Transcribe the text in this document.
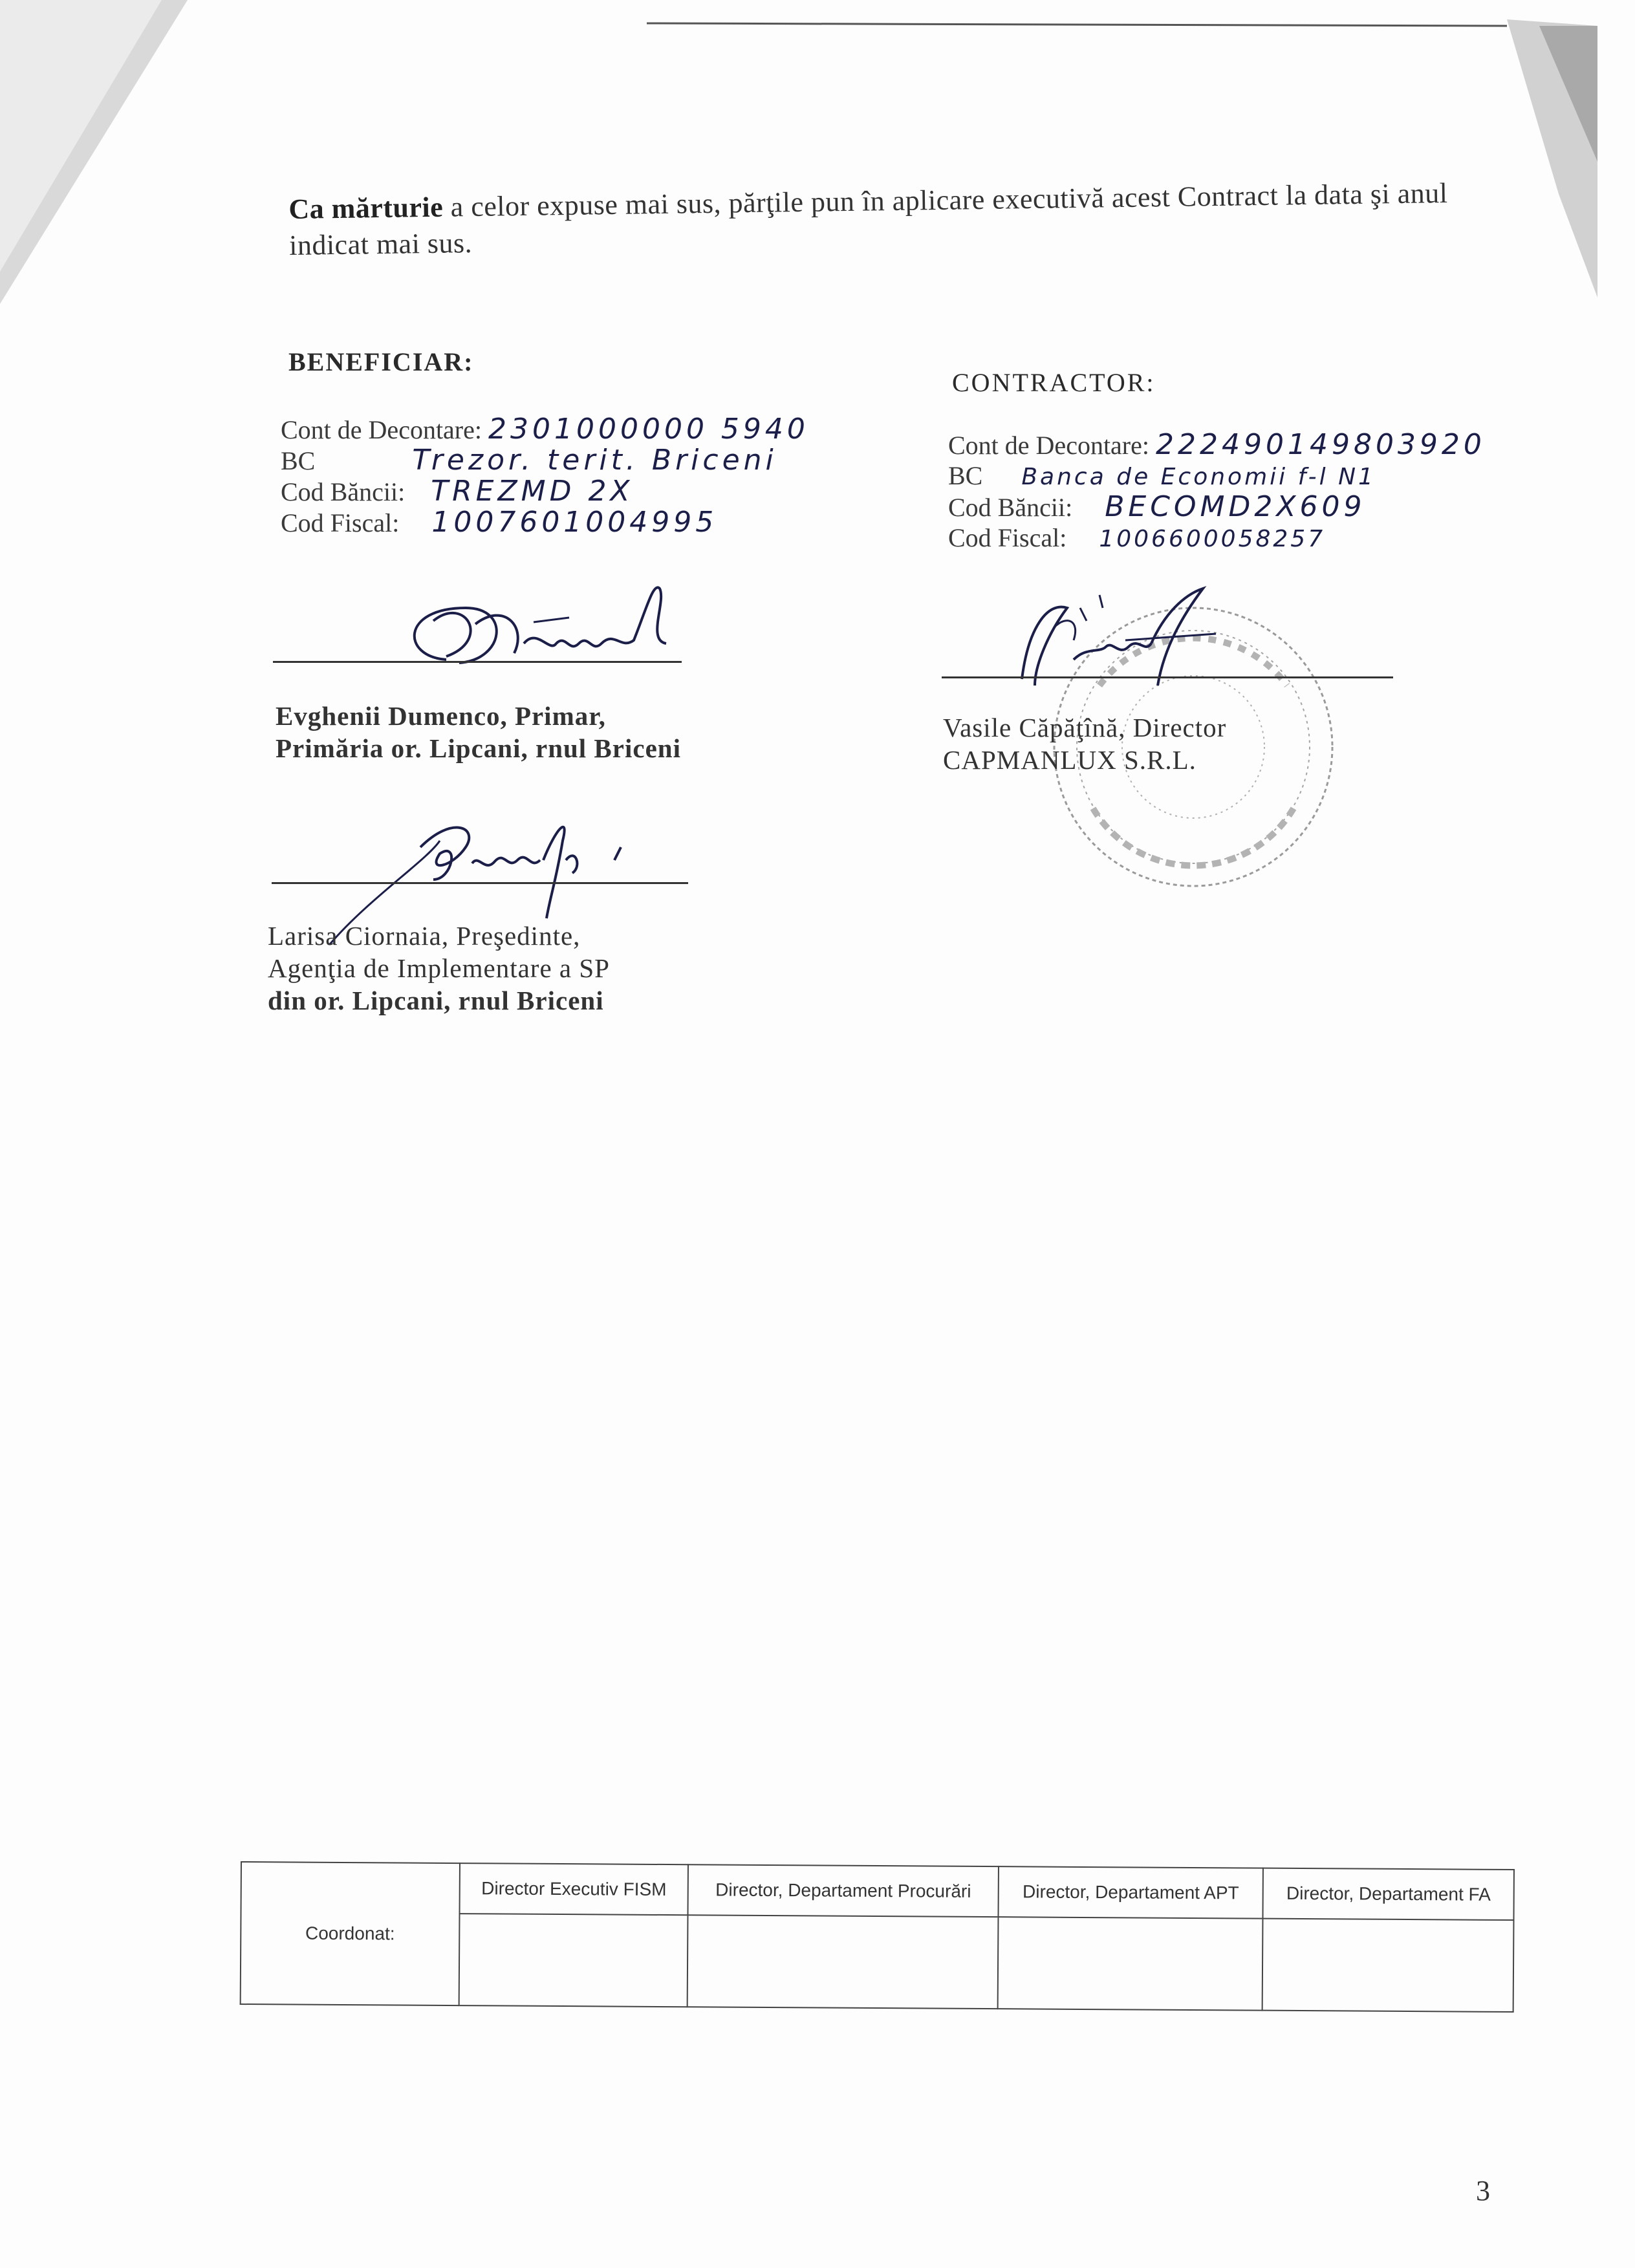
Ca mărturie a celor expuse mai sus, părţile pun în aplicare executivă acest Contract la data şi anul indicat mai sus.
BENEFICIAR:
Cont de Decontare: 2301000000 5940
BC	Trezor. terit. Briceni
Cod Băncii: TREZMD 2X
Cod Fiscal: 1007601004995
Evghenii Dumenco, Primar,
Primăria or. Lipcani, rnul Briceni
Larisa Ciornaia, Preşedinte,
Agenţia de Implementare a SP
din or. Lipcani, rnul Briceni
CONTRACTOR:
Cont de Decontare: 222490149803920
BC Banca de Economii f-l N1
Cod Băncii: BECOMD2X609
Cod Fiscal: 1006600058257
Vasile Căpăţînă, Director
CAPMANLUX S.R.L.
Coordonat:	Director Executiv FISM	Director, Departament Procurări	Director, Departament APT	Director, Departament FA

3
